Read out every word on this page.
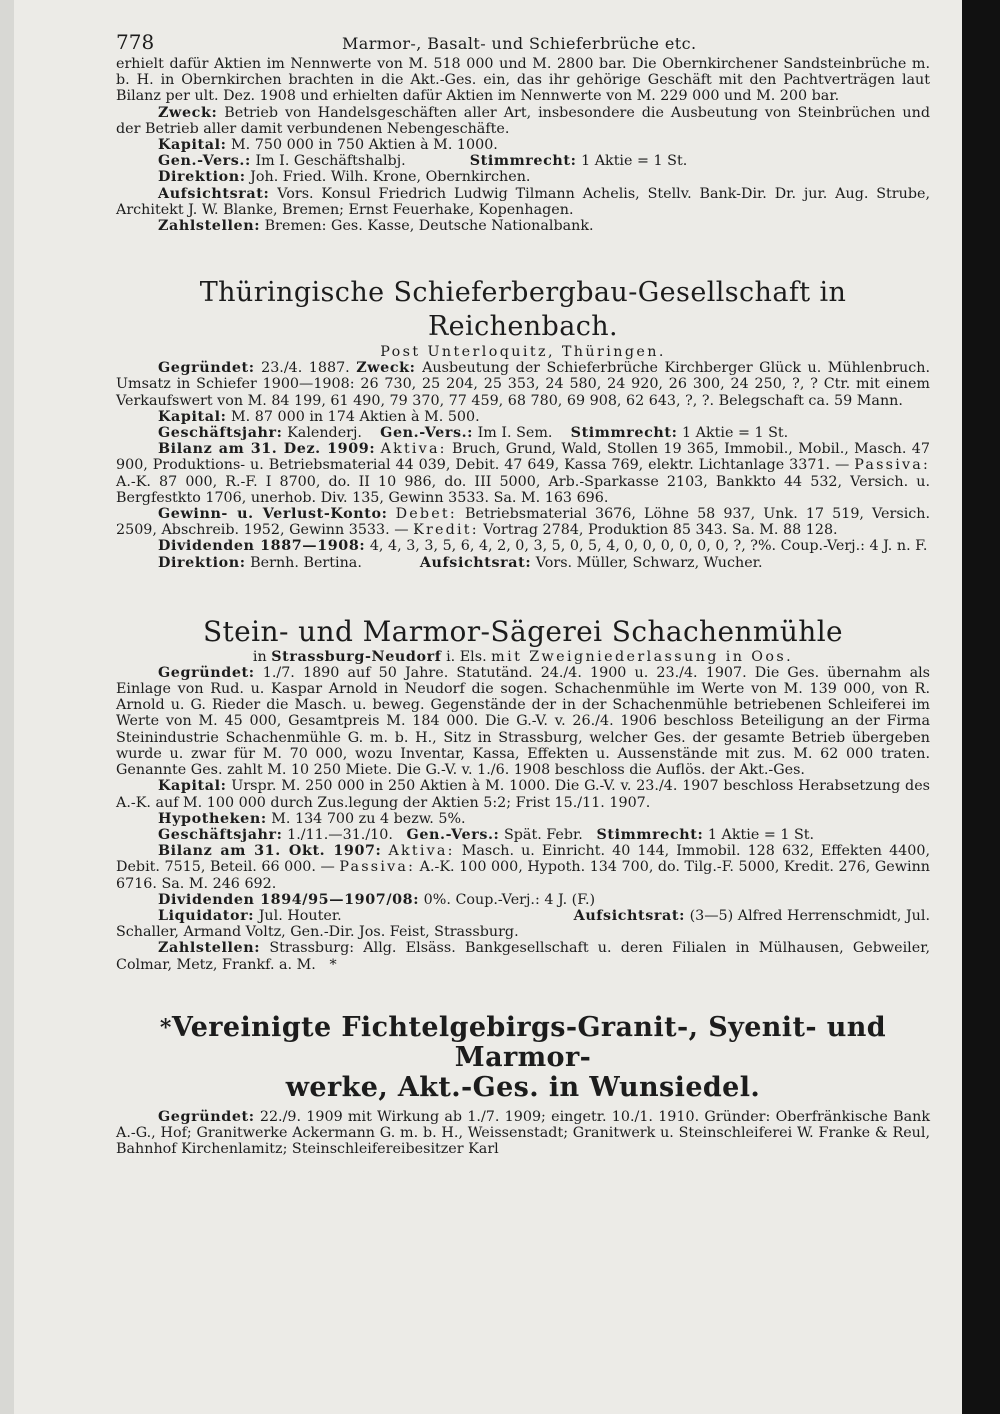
778	Marmor-, Basalt- und Schieferbrüche etc.

erhielt dafür Aktien im Nennwerte von M. 518 000 und M. 2800 bar. Die Obernkirchener Sandsteinbrüche m. b. H. in Obernkirchen brachten in die Akt.-Ges. ein, das ihr gehörige Geschäft mit den Pachtverträgen laut Bilanz per ult. Dez. 1908 und erhielten dafür Aktien im Nennwerte von M. 229 000 und M. 200 bar.

Zweck: Betrieb von Handelsgeschäften aller Art, insbesondere die Ausbeutung von Steinbrüchen und der Betrieb aller damit verbundenen Nebengeschäfte.

Kapital: M. 750 000 in 750 Aktien à M. 1000.

Gen.-Vers.: Im I. Geschäftshalbj.	Stimmrecht: 1 Aktie = 1 St.

Direktion: Joh. Fried. Wilh. Krone, Obernkirchen.

Aufsichtsrat: Vors. Konsul Friedrich Ludwig Tilmann Achelis, Stellv. Bank-Dir. Dr. jur. Aug. Strube, Architekt J. W. Blanke, Bremen; Ernst Feuerhake, Kopenhagen.

Zahlstellen: Bremen: Ges. Kasse, Deutsche Nationalbank.

Thüringische Schieferbergbau-Gesellschaft in Reichenbach.
Post Unterloquitz, Thüringen.

Gegründet: 23./4. 1887. Zweck: Ausbeutung der Schieferbrüche Kirchberger Glück u. Mühlenbruch. Umsatz in Schiefer 1900—1908: 26 730, 25 204, 25 353, 24 580, 24 920, 26 300, 24 250, ?, ? Ctr. mit einem Verkaufswert von M. 84 199, 61 490, 79 370, 77 459, 68 780, 69 908, 62 643, ?, ?. Belegschaft ca. 59 Mann.

Kapital: M. 87 000 in 174 Aktien à M. 500.

Geschäftsjahr: Kalenderj. Gen.-Vers.: Im I. Sem. Stimmrecht: 1 Aktie = 1 St.

Bilanz am 31. Dez. 1909: Aktiva: Bruch, Grund, Wald, Stollen 19 365, Immobil., Mobil., Masch. 47 900, Produktions- u. Betriebsmaterial 44 039, Debit. 47 649, Kassa 769, elektr. Lichtanlage 3371. — Passiva: A.-K. 87 000, R.-F. I 8700, do. II 10 986, do. III 5000, Arb.-Sparkasse 2103, Bankkto 44 532, Versich. u. Bergfestkto 1706, unerhob. Div. 135, Gewinn 3533. Sa. M. 163 696.

Gewinn- u. Verlust-Konto: Debet: Betriebsmaterial 3676, Löhne 58 937, Unk. 17 519, Versich. 2509, Abschreib. 1952, Gewinn 3533. — Kredit: Vortrag 2784, Produktion 85 343. Sa. M. 88 128.

Dividenden 1887—1908: 4, 4, 3, 3, 5, 6, 4, 2, 0, 3, 5, 0, 5, 4, 0, 0, 0, 0, 0, 0, ?, ?%. Coup.-Verj.: 4 J. n. F.

Direktion: Bernh. Bertina.	Aufsichtsrat: Vors. Müller, Schwarz, Wucher.

Stein- und Marmor-Sägerei Schachenmühle
in Strassburg-Neudorf i. Els. mit Zweigniederlassung in Oos.

Gegründet: 1./7. 1890 auf 50 Jahre. Statutänd. 24./4. 1900 u. 23./4. 1907. Die Ges. übernahm als Einlage von Rud. u. Kaspar Arnold in Neudorf die sogen. Schachenmühle im Werte von M. 139 000, von R. Arnold u. G. Rieder die Masch. u. beweg. Gegenstände der in der Schachenmühle betriebenen Schleiferei im Werte von M. 45 000, Gesamtpreis M. 184 000. Die G.-V. v. 26./4. 1906 beschloss Beteiligung an der Firma Steinindustrie Schachenmühle G. m. b. H., Sitz in Strassburg, welcher Ges. der gesamte Betrieb übergeben wurde u. zwar für M. 70 000, wozu Inventar, Kassa, Effekten u. Aussenstände mit zus. M. 62 000 traten. Genannte Ges. zahlt M. 10 250 Miete. Die G.-V. v. 1./6. 1908 beschloss die Auflös. der Akt.-Ges.

Kapital: Urspr. M. 250 000 in 250 Aktien à M. 1000. Die G.-V. v. 23./4. 1907 beschloss Herabsetzung des A.-K. auf M. 100 000 durch Zus.legung der Aktien 5:2; Frist 15./11. 1907.

Hypotheken: M. 134 700 zu 4 bezw. 5%.

Geschäftsjahr: 1./11.—31./10. Gen.-Vers.: Spät. Febr. Stimmrecht: 1 Aktie = 1 St.

Bilanz am 31. Okt. 1907: Aktiva: Masch. u. Einricht. 40 144, Immobil. 128 632, Effekten 4400, Debit. 7515, Beteil. 66 000. — Passiva: A.-K. 100 000, Hypoth. 134 700, do. Tilg.-F. 5000, Kredit. 276, Gewinn 6716. Sa. M. 246 692.

Dividenden 1894/95—1907/08: 0%. Coup.-Verj.: 4 J. (F.)

Liquidator: Jul. Houter.	Aufsichtsrat: (3—5) Alfred Herrenschmidt, Jul. Schaller, Armand Voltz, Gen.-Dir. Jos. Feist, Strassburg.

Zahlstellen: Strassburg: Allg. Elsäss. Bankgesellschaft u. deren Filialen in Mülhausen, Gebweiler, Colmar, Metz, Frankf. a. M. *

*Vereinigte Fichtelgebirgs-Granit-, Syenit- und Marmor-
werke, Akt.-Ges. in Wunsiedel.

Gegründet: 22./9. 1909 mit Wirkung ab 1./7. 1909; eingetr. 10./1. 1910. Gründer: Oberfränkische Bank A.-G., Hof; Granitwerke Ackermann G. m. b. H., Weissenstadt; Granitwerk u. Steinschleiferei W. Franke & Reul, Bahnhof Kirchenlamitz; Steinschleifereibesitzer Karl
